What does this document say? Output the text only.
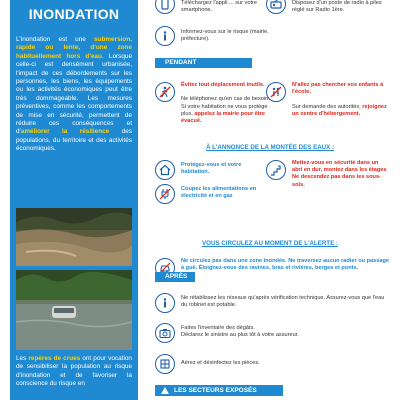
INONDATION
L'inondation est une submersion, rapide ou lente, d'une zone habituellement hors d'eau. Lorsque celle-ci est densément urbanisée, l'impact de ces débordements sur les personnes, les biens, les équipements ou les activités économiques peut être très dommageable. Les mesures préventives, comme les comportements de mise en sécurité, permettent de réduire ces conséquences et d'améliorer la résilience des populations, du territoire et des activités économiques.
Les repères de crues ont pour vocation de sensibiliser la population au risque d'inondation et de favoriser la conscience du risque en
Téléchargez l'appli ... sur votre smartphone.
Disposez d'un poste de radio à piles réglé sur Radio 1ère.
Informez-vous sur le risque (mairie, préfecture).
PENDANT
Évitez tout déplacement inutile.

Ne téléphonez qu'en cas de besoin. Si votre habitation ne vous protège plus, appelez la mairie pour être évacué.
N'allez pas chercher vos enfants à l'école.

Sur demande des autorités, rejoignez un centre d'hébergement.
À L'ANNONCE DE LA MONTÉE DES EAUX :
Protégez-vous et votre habitation.
Coupez les alimentations en électricité et en gaz
Mettez-vous en sécurité dans un abri en dur, montez dans les étages Ne descendez pas dans les sous-sols.
VOUS CIRCULEZ AU MOMENT DE L'ALERTE :
Ne circulez pas dans une zone inondée. Ne traversez aucun radier ou passage à gué. Éloignez-vous des ravines, bras et rivières, berges et ponts.
APRÈS
Ne rétablissez les réseaux qu'après vérification technique. Assurez-vous que l'eau du robinet est potable.
Faites l'inventaire des dégâts.
Déclarez le sinistre au plus tôt à votre assureur.
Aérez et désinfectez les pièces.
LES SECTEURS EXPOSÉS
